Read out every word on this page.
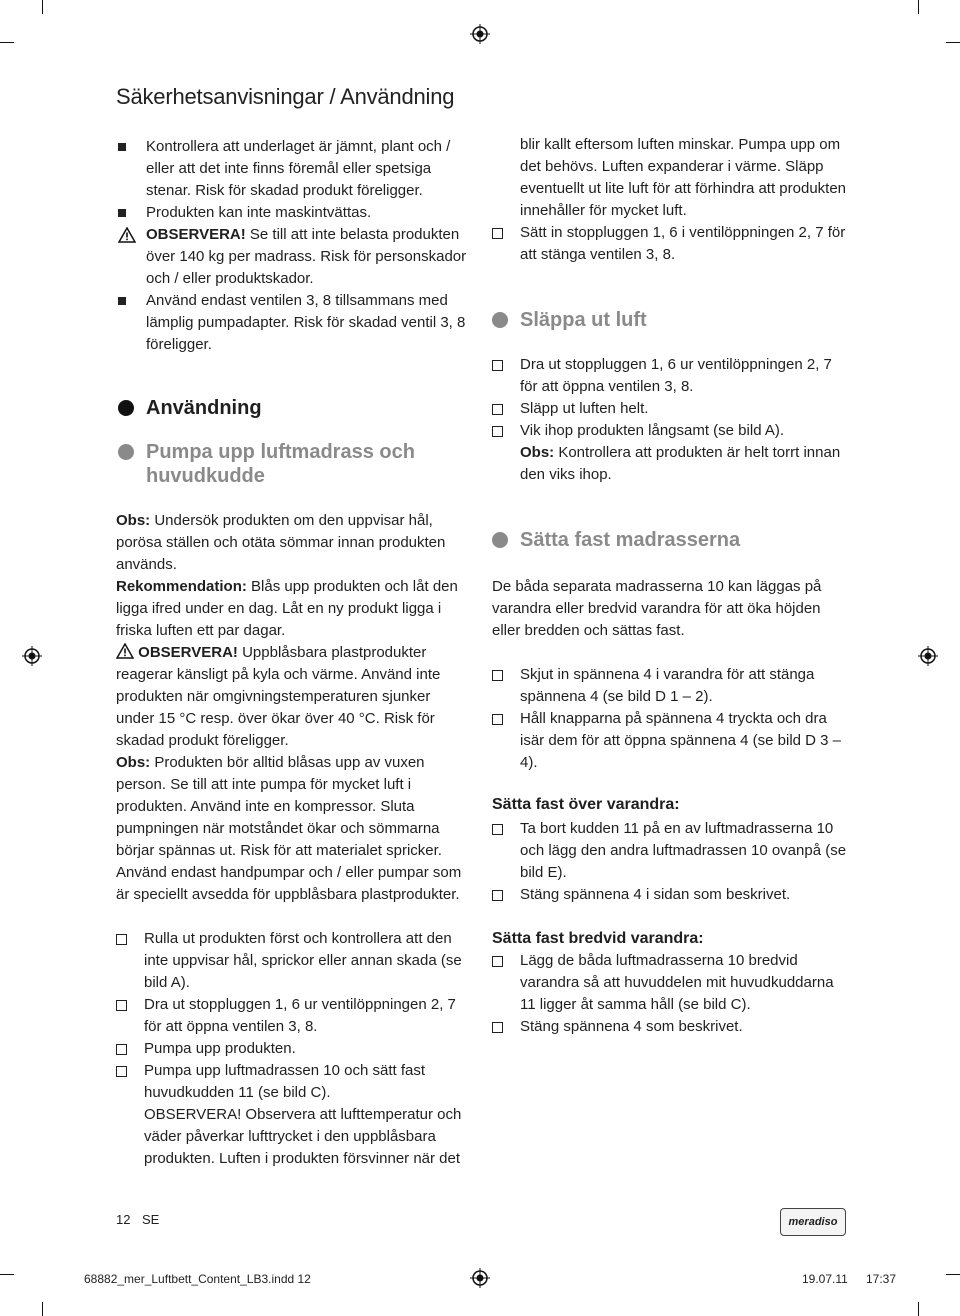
Säkerhetsanvisningar / Användning
Kontrollera att underlaget är jämnt, plant och / eller att det inte finns föremål eller spetsiga stenar. Risk för skadad produkt föreligger.
Produkten kan inte maskintvättas.
OBSERVERA! Se till att inte belasta produkten över 140 kg per madrass. Risk för personskador och / eller produktskador.
Använd endast ventilen 3, 8 tillsammans med lämplig pumpadapter. Risk för skadad ventil 3, 8 föreligger.
Användning
Pumpa upp luftmadrass och huvudkudde
Obs: Undersök produkten om den uppvisar hål, porösa ställen och otäta sömmar innan produkten används.
Rekommendation: Blås upp produkten och låt den ligga ifred under en dag. Låt en ny produkt ligga i friska luften ett par dagar.
OBSERVERA! Uppblåsbara plastprodukter reagerar känsligt på kyla och värme. Använd inte produkten när omgivningstemperaturen sjunker under 15 °C resp. över ökar över 40 °C. Risk för skadad produkt föreligger.
Obs: Produkten bör alltid blåsas upp av vuxen person. Se till att inte pumpa för mycket luft i produkten. Använd inte en kompressor. Sluta pumpningen när motståndet ökar och sömmarna börjar spännas ut. Risk för att materialet spricker. Använd endast handpumpar och / eller pumpar som är speciellt avsedda för uppblåsbara plastprodukter.
Rulla ut produkten först och kontrollera att den inte uppvisar hål, sprickor eller annan skada (se bild A).
Dra ut stoppluggen 1, 6 ur ventilöppningen 2, 7 för att öppna ventilen 3, 8.
Pumpa upp produkten.
Pumpa upp luftmadrassen 10 och sätt fast huvudkudden 11 (se bild C).
OBSERVERA! Observera att lufttemperatur och väder påverkar lufttrycket i den uppblåsbara produkten. Luften i produkten försvinner när det
blir kallt eftersom luften minskar. Pumpa upp om det behövs. Luften expanderar i värme. Släpp eventuellt ut lite luft för att förhindra att produkten innehåller för mycket luft.
Sätt in stoppluggen 1, 6 i ventilöppningen 2, 7 för att stänga ventilen 3, 8.
Släppa ut luft
Dra ut stoppluggen 1, 6 ur ventilöppningen 2, 7 för att öppna ventilen 3, 8.
Släpp ut luften helt.
Vik ihop produkten långsamt (se bild A).
Obs: Kontrollera att produkten är helt torrt innan den viks ihop.
Sätta fast madrasserna
De båda separata madrasserna 10 kan läggas på varandra eller bredvid varandra för att öka höjden eller bredden och sättas fast.
Skjut in spännena 4 i varandra för att stänga spännena 4 (se bild D 1 – 2).
Håll knapparna på spännena 4 tryckta och dra isär dem för att öppna spännena 4 (se bild D 3 – 4).
Sätta fast över varandra:
Ta bort kudden 11 på en av luftmadrasserna 10 och lägg den andra luftmadrassen 10 ovanpå (se bild E).
Stäng spännena 4 i sidan som beskrivet.
Sätta fast bredvid varandra:
Lägg de båda luftmadrasserna 10 bredvid varandra så att huvuddelen mit huvudkuddarna 11 ligger åt samma håll (se bild C).
Stäng spännena 4 som beskrivet.
12 SE	meradiso
68882_mer_Luftbett_Content_LB3.indd 12	19.07.11 17:37
